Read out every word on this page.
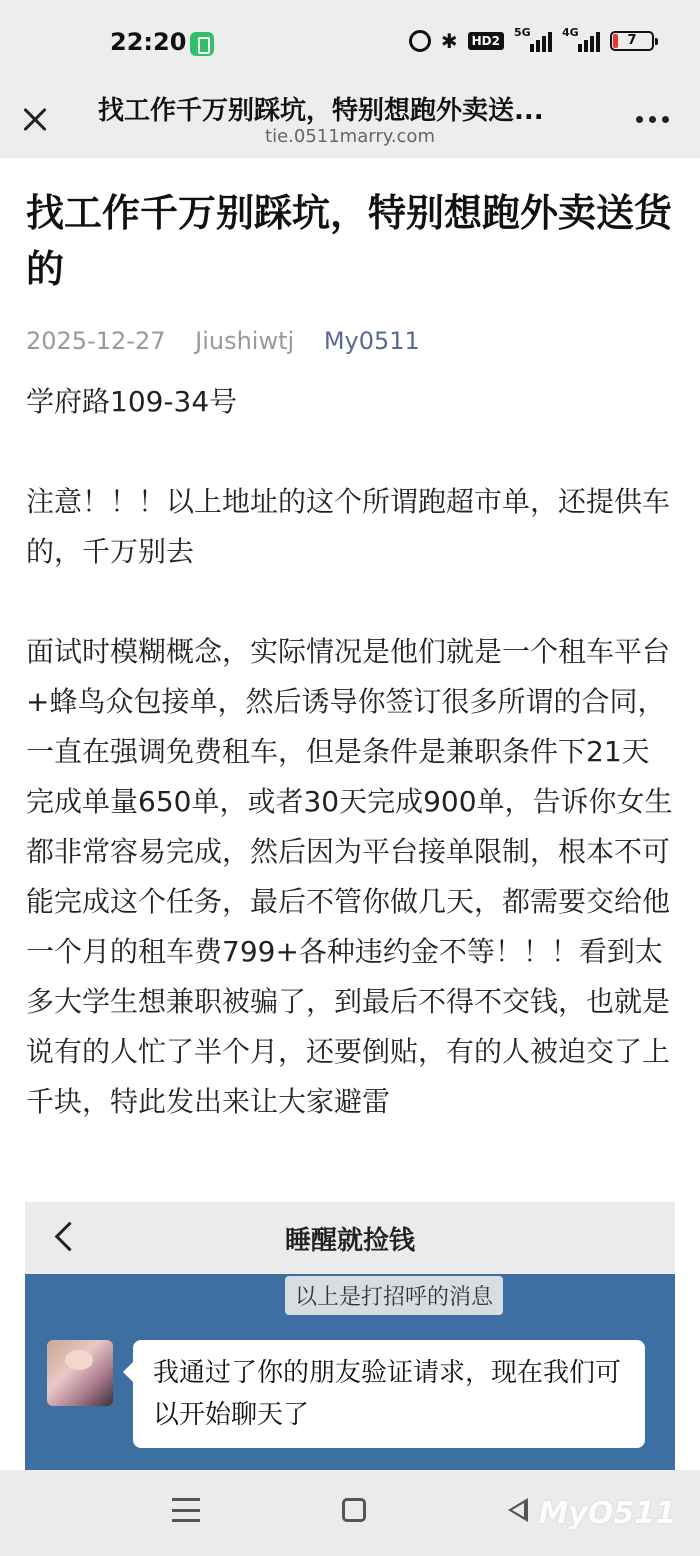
22:20	✱	HD2
5G	4G
7
找工作千万别踩坑，特别想跑外卖送...
tie.0511marry.com
找工作千万别踩坑，特别想跑外卖送货的
2025-12-27 Jiushiwtj My0511
学府路109-34号
注意！！！以上地址的这个所谓跑超市单，还提供车的，千万别去
面试时模糊概念，实际情况是他们就是一个租车平台+蜂鸟众包接单，然后诱导你签订很多所谓的合同，一直在强调免费租车，但是条件是兼职条件下21天完成单量650单，或者30天完成900单，告诉你女生都非常容易完成，然后因为平台接单限制，根本不可能完成这个任务，最后不管你做几天，都需要交给他一个月的租车费799+各种违约金不等！！！看到太多大学生想兼职被骗了，到最后不得不交钱，也就是说有的人忙了半个月，还要倒贴，有的人被迫交了上千块，特此发出来让大家避雷
睡醒就捡钱
以上是打招呼的消息
我通过了你的朋友验证请求，现在我们可以开始聊天了
MyO511
